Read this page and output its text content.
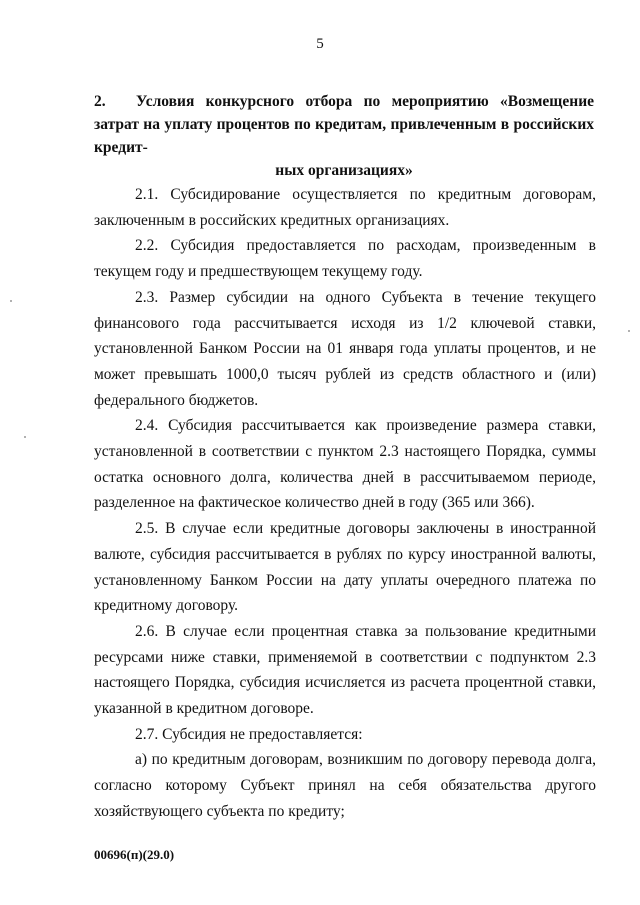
5
2. Условия конкурсного отбора по мероприятию «Возмещение затрат на уплату процентов по кредитам, привлеченным в российских кредит-
ных организациях»

2.1. Субсидирование осуществляется по кредитным договорам, заключенным в российских кредитных организациях.

2.2. Субсидия предоставляется по расходам, произведенным в текущем году и предшествующем текущему году.

2.3. Размер субсидии на одного Субъекта в течение текущего финансового года рассчитывается исходя из 1/2 ключевой ставки, установленной Банком России на 01 января года уплаты процентов, и не может превышать 1000,0 тысяч рублей из средств областного и (или) федерального бюджетов.

2.4. Субсидия рассчитывается как произведение размера ставки, установленной в соответствии с пунктом 2.3 настоящего Порядка, суммы остатка основного долга, количества дней в рассчитываемом периоде, разделенное на фактическое количество дней в году (365 или 366).

2.5. В случае если кредитные договоры заключены в иностранной валюте, субсидия рассчитывается в рублях по курсу иностранной валюты, установленному Банком России на дату уплаты очередного платежа по кредитному договору.

2.6. В случае если процентная ставка за пользование кредитными ресурсами ниже ставки, применяемой в соответствии с подпунктом 2.3 настоящего Порядка, субсидия исчисляется из расчета процентной ставки, указанной в кредитном договоре.

2.7. Субсидия не предоставляется:

а) по кредитным договорам, возникшим по договору перевода долга, согласно которому Субъект принял на себя обязательства другого хозяйствующего субъекта по кредиту;

00696(п)(29.0)
